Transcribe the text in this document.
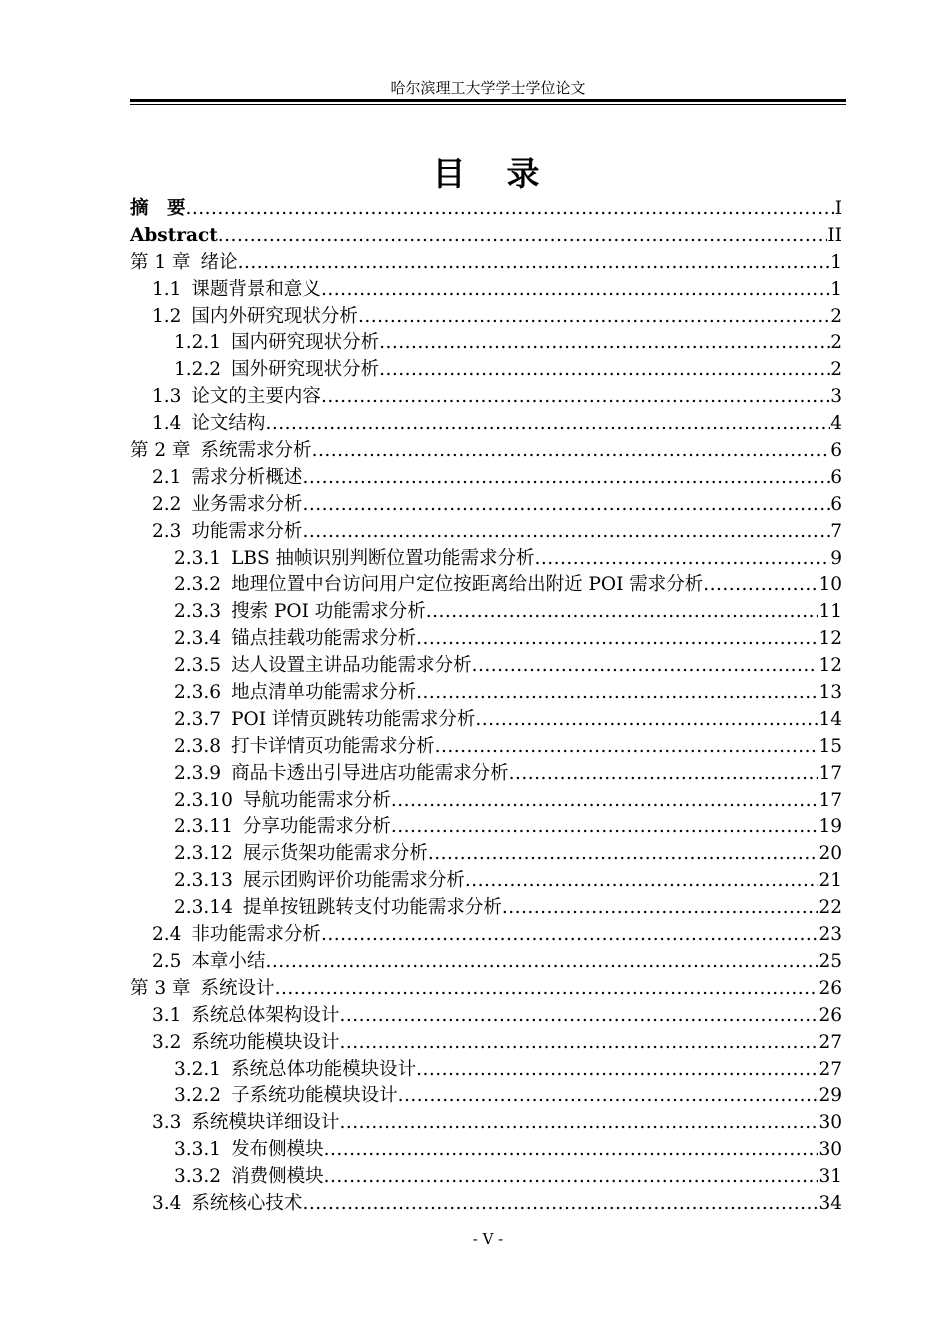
哈尔滨理工大学学士学位论文
目　录
摘　要 .....	I
Abstract .....	II
第 1 章 绪论 .....	1
1.1 课题背景和意义 .....	1
1.2 国内外研究现状分析 .....	2
1.2.1 国内研究现状分析 .....	2
1.2.2 国外研究现状分析 .....	2
1.3 论文的主要内容 .....	3
1.4 论文结构 .....	4
第 2 章 系统需求分析 .....	6
2.1 需求分析概述 .....	6
2.2 业务需求分析 .....	6
2.3 功能需求分析 .....	7
2.3.1 LBS 抽帧识别判断位置功能需求分析 .....	9
2.3.2 地理位置中台访问用户定位按距离给出附近 POI 需求分析 .....	10
2.3.3 搜索 POI 功能需求分析 .....	11
2.3.4 锚点挂载功能需求分析 .....	12
2.3.5 达人设置主讲品功能需求分析 .....	12
2.3.6 地点清单功能需求分析 .....	13
2.3.7 POI 详情页跳转功能需求分析 .....	14
2.3.8 打卡详情页功能需求分析 .....	15
2.3.9 商品卡透出引导进店功能需求分析 .....	17
2.3.10 导航功能需求分析 .....	17
2.3.11 分享功能需求分析 .....	19
2.3.12 展示货架功能需求分析 .....	20
2.3.13 展示团购评价功能需求分析 .....	21
2.3.14 提单按钮跳转支付功能需求分析 .....	22
2.4 非功能需求分析 .....	23
2.5 本章小结 .....	25
第 3 章 系统设计 .....	26
3.1 系统总体架构设计 .....	26
3.2 系统功能模块设计 .....	27
3.2.1 系统总体功能模块设计 .....	27
3.2.2 子系统功能模块设计 .....	29
3.3 系统模块详细设计 .....	30
3.3.1 发布侧模块 .....	30
3.3.2 消费侧模块 .....	31
3.4 系统核心技术 .....	34
- V -
